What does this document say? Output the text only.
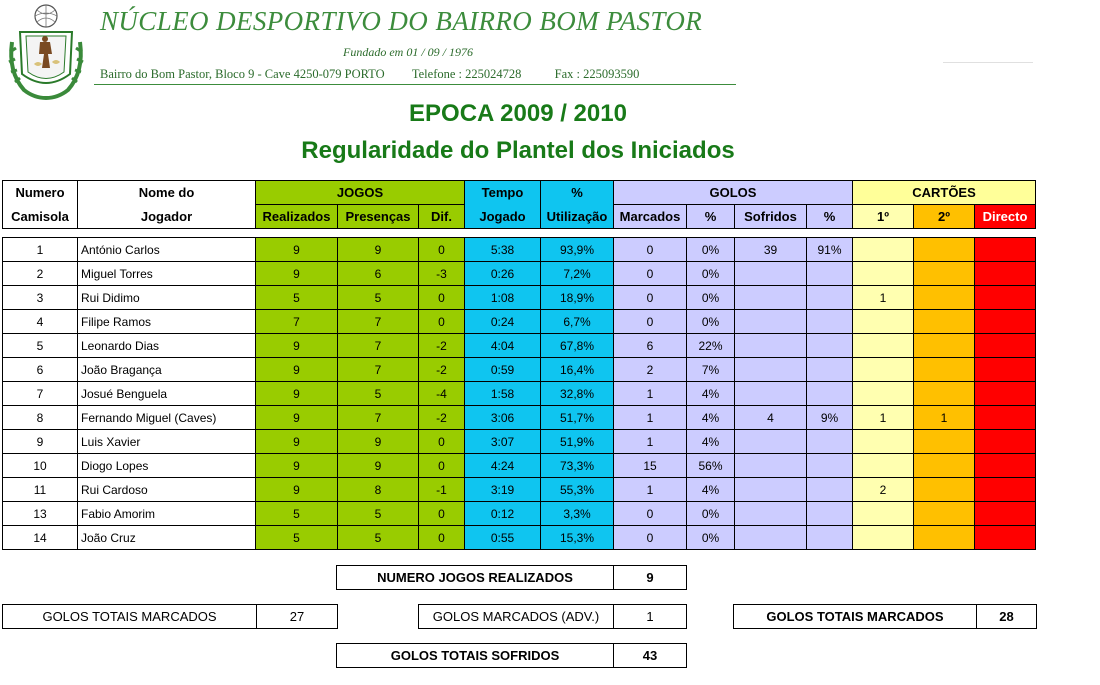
NÚCLEO DESPORTIVO DO BAIRRO BOM PASTOR
Fundado em 01 / 09 / 1976
Bairro do Bom Pastor, Bloco 9 - Cave 4250-079 PORTO Telefone : 225024728	Fax : 225093590
EPOCA 2009 / 2010
Regularidade do Plantel dos Iniciados
Numero	Nome do	JOGOS			Tempo	%	GOLOS				CARTÕES		
Camisola	Jogador	Realizados	Presenças	Dif.	Jogado	Utilização	Marcados	%	Sofridos	%	1º	2º	Directo

1	António Carlos	9	9	0	5:38	93,9%	0	0%	39	91%			
2	Miguel Torres	9	6	-3	0:26	7,2%	0	0%					
3	Rui Didimo	5	5	0	1:08	18,9%	0	0%			1		
4	Filipe Ramos	7	7	0	0:24	6,7%	0	0%					
5	Leonardo Dias	9	7	-2	4:04	67,8%	6	22%					
6	João Bragança	9	7	-2	0:59	16,4%	2	7%					
7	Josué Benguela	9	5	-4	1:58	32,8%	1	4%					
8	Fernando Miguel (Caves)	9	7	-2	3:06	51,7%	1	4%	4	9%	1	1	
9	Luis Xavier	9	9	0	3:07	51,9%	1	4%					
10	Diogo Lopes	9	9	0	4:24	73,3%	15	56%					
11	Rui Cardoso	9	8	-1	3:19	55,3%	1	4%			2		
13	Fabio Amorim	5	5	0	0:12	3,3%	0	0%					
14	João Cruz	5	5	0	0:55	15,3%	0	0%					
NUMERO JOGOS REALIZADOS	9
GOLOS TOTAIS MARCADOS	27	GOLOS MARCADOS (ADV.)	1	GOLOS TOTAIS MARCADOS	28
GOLOS TOTAIS SOFRIDOS	43
